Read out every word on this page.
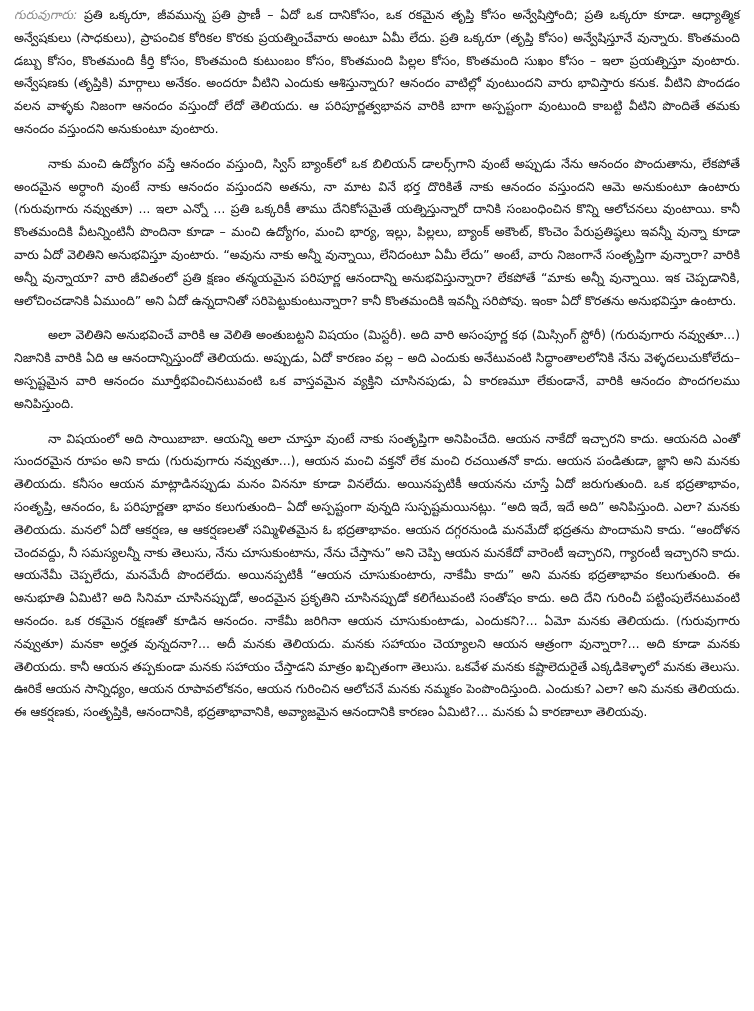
గురువుగారు: ప్రతి ఒక్కరూ, జీవమున్న ప్రతి ప్రాణీ – ఏదో ఒక దానికోసం, ఒక రకమైన తృప్తి కోసం అన్వేషిస్తోంది; ప్రతి ఒక్కరూ కూడా. ఆధ్యాత్మిక అన్వేషకులు (సాధకులు), ప్రాపంచిక కోరికల కొరకు ప్రయత్నించేవారు అంటూ ఏమీ లేదు. ప్రతి ఒక్కరూ (తృప్తి కోసం) అన్వేషిస్తూనే వున్నారు. కొంతమంది డబ్బు కోసం, కొంతమంది కీర్తి కోసం, కొంతమంది కుటుంబం కోసం, కొంతమంది పిల్లల కోసం, కొంతమంది సుఖం కోసం – ఇలా ప్రయత్నిస్తూ వుంటారు. అన్వేషణకు (తృప్తికి) మార్గాలు అనేకం. అందరూ వీటిని ఎందుకు ఆశిస్తున్నారు? ఆనందం వాటిల్లో వుంటుందని వారు భావిస్తారు కనుక. వీటిని పొందడం వలన వాళ్ళకు నిజంగా ఆనందం వస్తుందో లేదో తెలియదు. ఆ పరిపూర్ణత్వభావన వారికి బాగా అస్పష్టంగా వుంటుంది కాబట్టి వీటిని పొందితే తమకు ఆనందం వస్తుందని అనుకుంటూ వుంటారు.

నాకు మంచి ఉద్యోగం వస్తే ఆనందం వస్తుంది, స్విస్ బ్యాంక్‌లో ఒక బిలియన్ డాలర్స్‌గాని వుంటే అప్పుడు నేను ఆనందం పొందుతాను, లేకపోతే అందమైన అర్ధాంగి వుంటే నాకు ఆనందం వస్తుందని అతను, నా మాట వినే భర్త దొరికితే నాకు ఆనందం వస్తుందని ఆమె అనుకుంటూ ఉంటారు (గురువుగారు నవ్వుతూ) ... ఇలా ఎన్నో ... ప్రతి ఒక్కరికీ తాము దేనికోసమైతే యత్నిస్తున్నారో దానికి సంబంధించిన కొన్ని ఆలోచనలు వుంటాయి. కానీ కొంతమందికి వీటన్నింటినీ పొందినా కూడా – మంచి ఉద్యోగం, మంచి భార్య, ఇల్లు, పిల్లలు, బ్యాంక్ అకౌంట్, కొంచెం పేరుప్రతిష్ఠలు ఇవన్నీ వున్నా కూడా వారు ఏదో వెలితిని అనుభవిస్తూ వుంటారు. “అవును నాకు అన్నీ వున్నాయి, లేనిదంటూ ఏమీ లేదు” అంటే, వారు నిజంగానే సంతృప్తిగా వున్నారా? వారికి అన్నీ వున్నాయా? వారి జీవితంలో ప్రతి క్షణం తన్మయమైన పరిపూర్ణ ఆనందాన్ని అనుభవిస్తున్నారా? లేకపోతే “మాకు అన్నీ వున్నాయి. ఇక చెప్పడానికి, ఆలోచించడానికి ఏముంది” అని ఏదో ఉన్నదానితో సరిపెట్టుకుంటున్నారా? కానీ కొంతమందికి ఇవన్నీ సరిపోవు. ఇంకా ఏదో కొరతను అనుభవిస్తూ ఉంటారు.

అలా వెలితిని అనుభవించే వారికి ఆ వెలితి అంతుబట్టని విషయం (మిస్టరీ). అది వారి అసంపూర్ణ కథ (మిస్సింగ్ స్టోరీ) (గురువుగారు నవ్వుతూ...) నిజానికి వారికి ఏది ఆ ఆనందాన్నిస్తుందో తెలియదు. అప్పుడు, ఏదో కారణం వల్ల – అది ఎందుకు అనేటువంటి సిద్ధాంతాలలోనికి నేను వెళ్ళదలుచుకోలేదు– అస్పష్టమైన వారి ఆనందం మూర్తీభవించినటువంటి ఒక వాస్తవమైన వ్యక్తిని చూసినపుడు, ఏ కారణమూ లేకుండానే, వారికి ఆనందం పొందగలము అనిపిస్తుంది.

నా విషయంలో అది సాయిబాబా. ఆయన్ని అలా చూస్తూ వుంటే నాకు సంతృప్తిగా అనిపించేది. ఆయన నాకేదో ఇచ్చారని కాదు. ఆయనది ఎంతో సుందరమైన రూపం అని కాదు (గురువుగారు నవ్వుతూ...), ఆయన మంచి వక్తనో లేక మంచి రచయితనో కాదు. ఆయన పండితుడా, జ్ఞాని అని మనకు తెలియదు. కనీసం ఆయన మాట్లాడినప్పుడు మనం విననూ కూడా వినలేదు. అయినప్పటికీ ఆయనను చూస్తే ఏదో జరుగుతుంది. ఒక భద్రతాభావం, సంతృప్తి, ఆనందం, ఓ పరిపూర్ణతా భావం కలుగుతుంది– ఏదో అస్పష్టంగా వున్నది సుస్పష్టమయినట్లు. “అది ఇదే, ఇదే అది” అనిపిస్తుంది. ఎలా? మనకు తెలియదు. మనలో ఏదో ఆకర్షణ, ఆ ఆకర్షణలతో సమ్మిళితమైన ఓ భద్రతాభావం. ఆయన దగ్గరనుండి మనమేదో భద్రతను పొందామని కాదు. “ఆందోళన చెందవద్దు, నీ సమస్యలన్నీ నాకు తెలుసు, నేను చూసుకుంటాను, నేను చేస్తాను” అని చెప్పి ఆయన మనకేదో వారెంటీ ఇచ్చారని, గ్యారంటీ ఇచ్చారని కాదు. ఆయనేమీ చెప్పలేదు, మనమేదీ పొందలేదు. అయినప్పటికీ “ఆయన చూసుకుంటారు, నాకేమీ కాదు” అని మనకు భద్రతాభావం కలుగుతుంది. ఈ అనుభూతి ఏమిటి? అది సినిమా చూసినప్పుడో, అందమైన ప్రకృతిని చూసినప్పుడో కలిగేటువంటి సంతోషం కాదు. అది దేని గురించీ పట్టింపులేనటువంటి ఆనందం. ఒక రకమైన రక్షణతో కూడిన ఆనందం. నాకేమీ జరిగినా ఆయన చూసుకుంటాడు, ఎందుకని?... ఏమో మనకు తెలియదు. (గురువుగారు నవ్వుతూ) మనకా అర్హత వున్నదనా?... అదీ మనకు తెలియదు. మనకు సహాయం చెయ్యాలని ఆయన ఆత్రంగా వున్నారా?... అది కూడా మనకు తెలియదు. కానీ ఆయన తప్పకుండా మనకు సహాయం చేస్తాడని మాత్రం ఖచ్చితంగా తెలుసు. ఒకవేళ మనకు కష్టాలెదురైతే ఎక్కడికెళ్ళాలో మనకు తెలుసు. ఊరికే ఆయన సాన్నిధ్యం, ఆయన రూపావలోకనం, ఆయన గురించిన ఆలోచనే మనకు నమ్మకం పెంపొందిస్తుంది. ఎందుకు? ఎలా? అని మనకు తెలియదు. ఈ ఆకర్షణకు, సంతృప్తికి, ఆనందానికి, భద్రతాభావానికి, అవ్యాజమైన ఆనందానికి కారణం ఏమిటి?... మనకు ఏ కారణాలూ తెలియవు.
